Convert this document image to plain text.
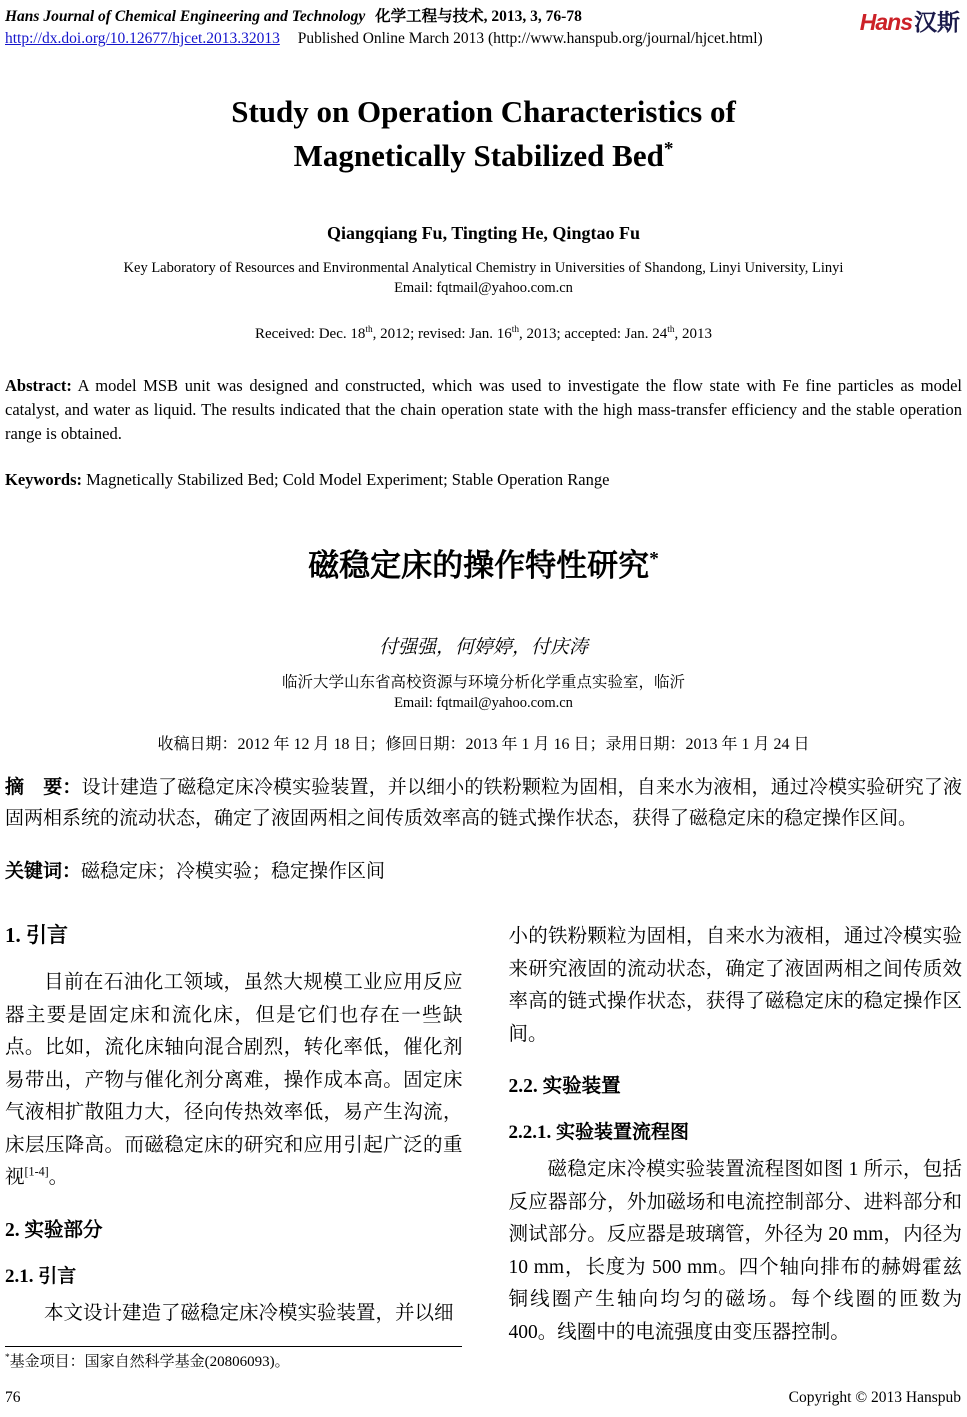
Hans Journal of Chemical Engineering and Technology 化学工程与技术, 2013, 3, 76-78
http://dx.doi.org/10.12677/hjcet.2013.32013 Published Online March 2013 (http://www.hanspub.org/journal/hjcet.html)
Hans汉斯
Study on Operation Characteristics of
Magnetically Stabilized Bed*
Qiangqiang Fu, Tingting He, Qingtao Fu
Key Laboratory of Resources and Environmental Analytical Chemistry in Universities of Shandong, Linyi University, Linyi
Email: fqtmail@yahoo.com.cn
Received: Dec. 18th, 2012; revised: Jan. 16th, 2013; accepted: Jan. 24th, 2013
Abstract: A model MSB unit was designed and constructed, which was used to investigate the flow state with Fe fine particles as model catalyst, and water as liquid. The results indicated that the chain operation state with the high mass-transfer efficiency and the stable operation range is obtained.
Keywords: Magnetically Stabilized Bed; Cold Model Experiment; Stable Operation Range
磁稳定床的操作特性研究*
付强强，何婷婷，付庆涛
临沂大学山东省高校资源与环境分析化学重点实验室，临沂
Email: fqtmail@yahoo.com.cn
收稿日期：2012 年 12 月 18 日；修回日期：2013 年 1 月 16 日；录用日期：2013 年 1 月 24 日
摘　要：设计建造了磁稳定床冷模实验装置，并以细小的铁粉颗粒为固相，自来水为液相，通过冷模实验研究了液固两相系统的流动状态，确定了液固两相之间传质效率高的链式操作状态，获得了磁稳定床的稳定操作区间。
关键词：磁稳定床；冷模实验；稳定操作区间
1. 引言

目前在石油化工领域，虽然大规模工业应用反应器主要是固定床和流化床，但是它们也存在一些缺点。比如，流化床轴向混合剧烈，转化率低，催化剂易带出，产物与催化剂分离难，操作成本高。固定床气液相扩散阻力大，径向传热效率低，易产生沟流，床层压降高。而磁稳定床的研究和应用引起广泛的重视[1-4]。

2. 实验部分
2.1. 引言

本文设计建造了磁稳定床冷模实验装置，并以细

*基金项目：国家自然科学基金(20806093)。

小的铁粉颗粒为固相，自来水为液相，通过冷模实验来研究液固的流动状态，确定了液固两相之间传质效率高的链式操作状态，获得了磁稳定床的稳定操作区间。

2.2. 实验装置
2.2.1. 实验装置流程图

磁稳定床冷模实验装置流程图如图 1 所示，包括反应器部分，外加磁场和电流控制部分、进料部分和测试部分。反应器是玻璃管，外径为 20 mm，内径为 10 mm，长度为 500 mm。四个轴向排布的赫姆霍兹铜线圈产生轴向均匀的磁场。每个线圈的匝数为 400。线圈中的电流强度由变压器控制。

76	Copyright © 2013 Hanspub
